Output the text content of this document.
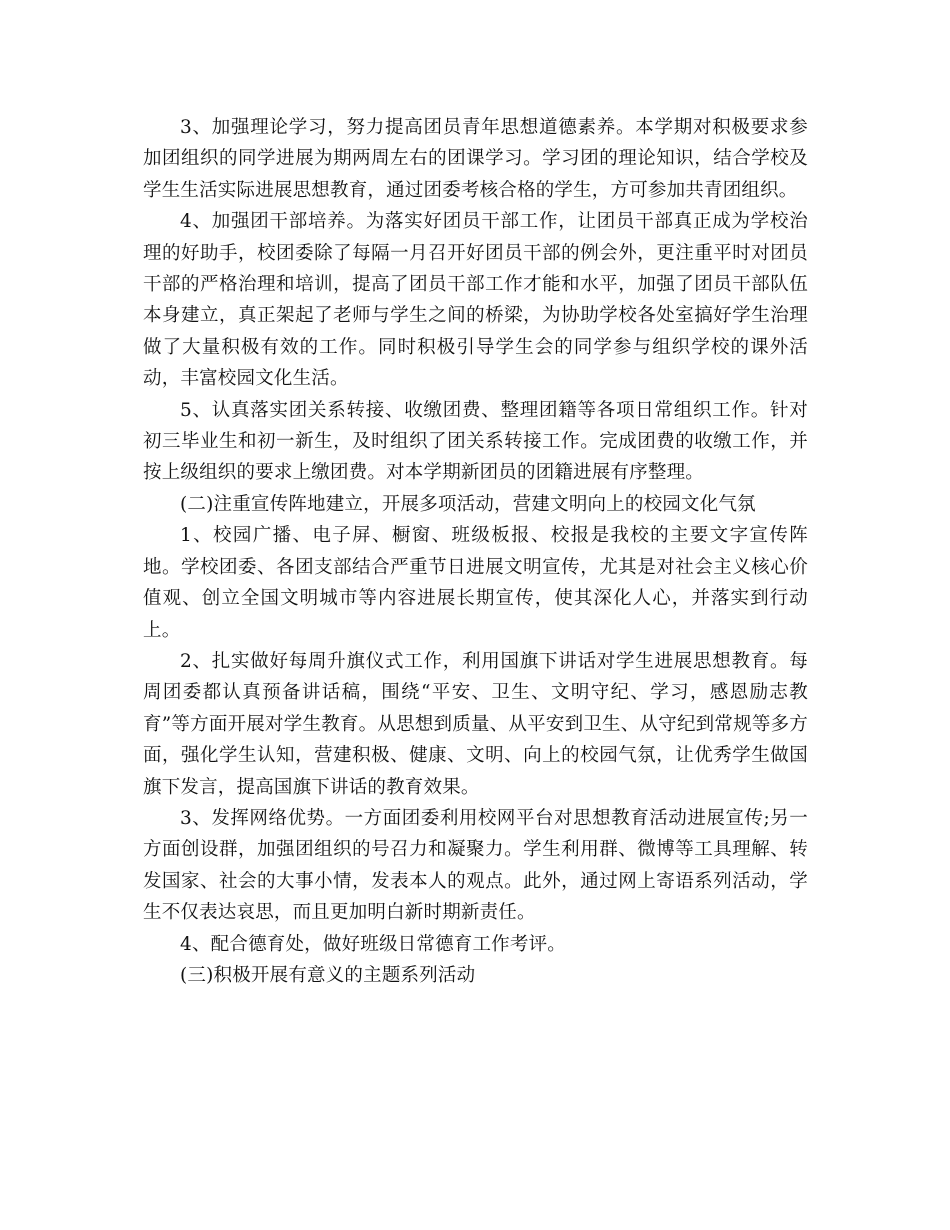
3、加强理论学习，努力提高团员青年思想道德素养。本学期对积极要求参加团组织的同学进展为期两周左右的团课学习。学习团的理论知识，结合学校及学生生活实际进展思想教育，通过团委考核合格的学生，方可参加共青团组织。

4、加强团干部培养。为落实好团员干部工作，让团员干部真正成为学校治理的好助手，校团委除了每隔一月召开好团员干部的例会外，更注重平时对团员干部的严格治理和培训，提高了团员干部工作才能和水平，加强了团员干部队伍本身建立，真正架起了老师与学生之间的桥梁，为协助学校各处室搞好学生治理做了大量积极有效的工作。同时积极引导学生会的同学参与组织学校的课外活动，丰富校园文化生活。

5、认真落实团关系转接、收缴团费、整理团籍等各项日常组织工作。针对初三毕业生和初一新生，及时组织了团关系转接工作。完成团费的收缴工作，并按上级组织的要求上缴团费。对本学期新团员的团籍进展有序整理。

(二)注重宣传阵地建立，开展多项活动，营建文明向上的校园文化气氛

1、校园广播、电子屏、橱窗、班级板报、校报是我校的主要文字宣传阵地。学校团委、各团支部结合严重节日进展文明宣传，尤其是对社会主义核心价值观、创立全国文明城市等内容进展长期宣传，使其深化人心，并落实到行动上。

2、扎实做好每周升旗仪式工作，利用国旗下讲话对学生进展思想教育。每周团委都认真预备讲话稿，围绕“平安、卫生、文明守纪、学习，感恩励志教育”等方面开展对学生教育。从思想到质量、从平安到卫生、从守纪到常规等多方面，强化学生认知，营建积极、健康、文明、向上的校园气氛，让优秀学生做国旗下发言，提高国旗下讲话的教育效果。

3、发挥网络优势。一方面团委利用校网平台对思想教育活动进展宣传;另一方面创设群，加强团组织的号召力和凝聚力。学生利用群、微博等工具理解、转发国家、社会的大事小情，发表本人的观点。此外，通过网上寄语系列活动，学生不仅表达哀思，而且更加明白新时期新责任。

4、配合德育处，做好班级日常德育工作考评。

(三)积极开展有意义的主题系列活动
